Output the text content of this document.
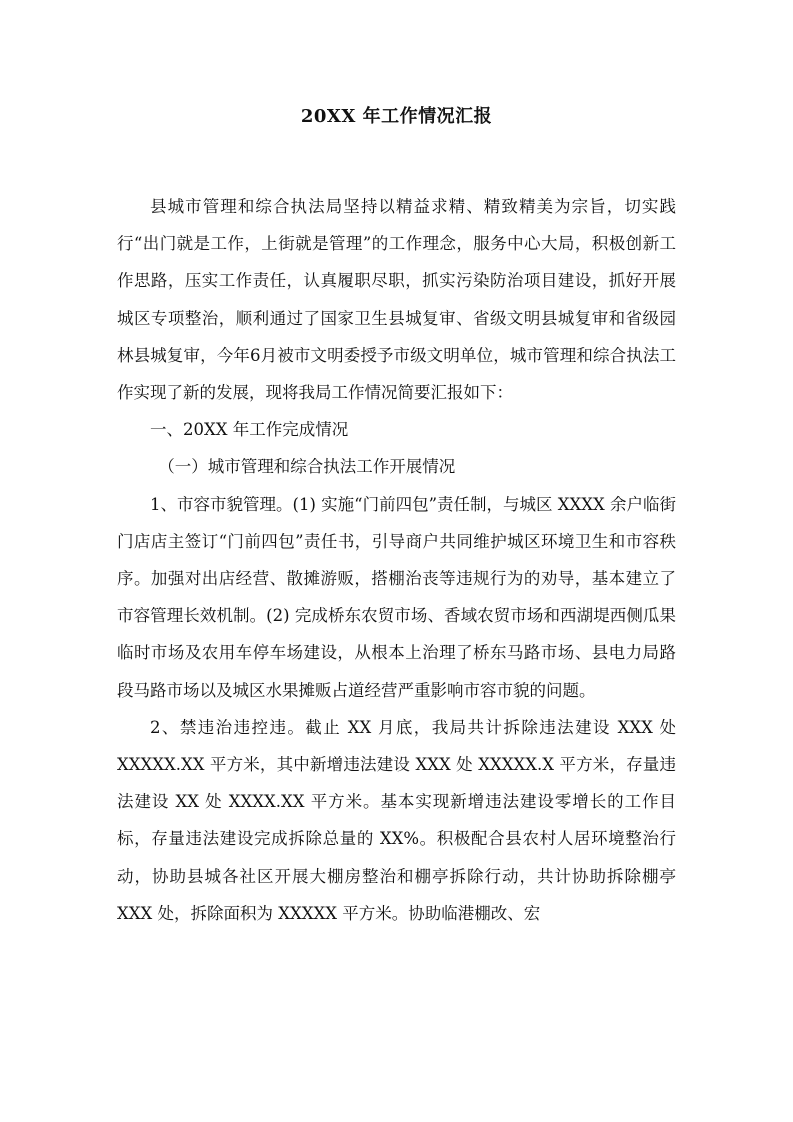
20XX 年工作情况汇报

县城市管理和综合执法局坚持以精益求精、精致精美为宗旨，切实践行“出门就是工作，上街就是管理”的工作理念，服务中心大局，积极创新工作思路，压实工作责任，认真履职尽职，抓实污染防治项目建设，抓好开展城区专项整治，顺利通过了国家卫生县城复审、省级文明县城复审和省级园林县城复审，今年6月被市文明委授予市级文明单位，城市管理和综合执法工作实现了新的发展，现将我局工作情况简要汇报如下：

一、20XX 年工作完成情况

（一）城市管理和综合执法工作开展情况

1、市容市貌管理。(1) 实施“门前四包”责任制，与城区 XXXX 余户临街门店店主签订“门前四包”责任书，引导商户共同维护城区环境卫生和市容秩序。加强对出店经营、散摊游贩，搭棚治丧等违规行为的劝导，基本建立了市容管理长效机制。(2) 完成桥东农贸市场、香域农贸市场和西湖堤西侧瓜果临时市场及农用车停车场建设，从根本上治理了桥东马路市场、县电力局路段马路市场以及城区水果摊贩占道经营严重影响市容市貌的问题。

2、禁违治违控违。截止 XX 月底，我局共计拆除违法建设 XXX 处 XXXXX.XX 平方米，其中新增违法建设 XXX 处 XXXXX.X 平方米，存量违法建设 XX 处 XXXX.XX 平方米。基本实现新增违法建设零增长的工作目标，存量违法建设完成拆除总量的 XX%。积极配合县农村人居环境整治行动，协助县城各社区开展大棚房整治和棚亭拆除行动，共计协助拆除棚亭 XXX 处，拆除面积为 XXXXX 平方米。协助临港棚改、宏
